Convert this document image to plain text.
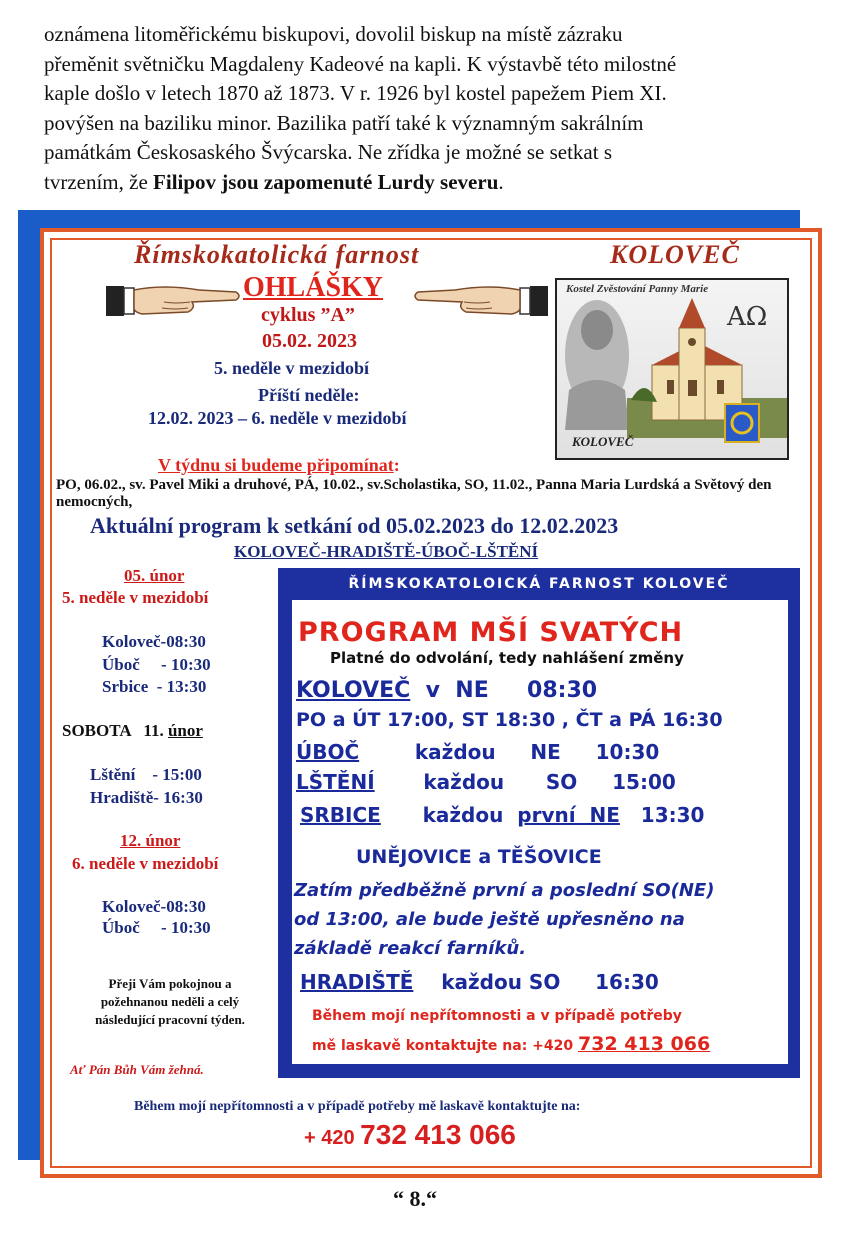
oznámena litoměřickému biskupovi, dovolil biskup na místě zázraku
přeměnit světničku Magdaleny Kadeové na kapli. K výstavbě této milostné
kaple došlo v letech 1870 až 1873. V r. 1926 byl kostel papežem Piem XI.
povýšen na baziliku minor. Bazilika patří také k významným sakrálním
památkám Českosaského Švýcarska. Ne zřídka je možné se setkat s
tvrzením, že Filipov jsou zapomenuté Lurdy severu.
Římskokatolická farnost	KOLOVEČ
OHLÁŠKY
cyklus ”A”
05.02. 2023
5. neděle v mezidobí
Příští neděle:
12.02. 2023 – 6. neděle v mezidobí
Kostel Zvěstování Panny Marie
AΩ
KOLOVEČ
V týdnu si budeme připomínat:
PO, 06.02., sv. Pavel Miki a druhové, PÁ, 10.02., sv.Scholastika, SO, 11.02., Panna Maria Lurdská a Světový den nemocných,
Aktuální program k setkání od 05.02.2023 do 12.02.2023
KOLOVEČ-HRADIŠTĚ-ÚBOČ-LŠTĚNÍ
05. únor
5. neděle v mezidobí
Koloveč-08:30
Úboč     - 10:30
Srbice  - 13:30
SOBOTA   11. únor
Lštění    - 15:00
Hradiště- 16:30
12. únor
6. neděle v mezidobí
Koloveč-08:30
Úboč     - 10:30
Přeji Vám pokojnou a
požehnanou neděli a celý
následující pracovní týden.
Ať Pán Bůh Vám žehná.
ŘÍMSKOKATOLOICKÁ FARNOST KOLOVEČ
PROGRAM MŠÍ SVATÝCH
Platné do odvolání, tedy nahlášení změny
KOLOVEČ  v  NE     08:30
PO a ÚT 17:00, ST 18:30 , ČT a PÁ 16:30
ÚBOČ        každou     NE     10:30
LŠTĚNÍ       každou      SO     15:00
SRBICE      každou  první  NE   13:30
UNĚJOVICE a TĚŠOVICE
Zatím předběžně první a poslední SO(NE)
od 13:00, ale bude ještě upřesněno na
základě reakcí farníků.
HRADIŠTĚ    každou SO     16:30
Během mojí nepřítomnosti a v případě potřeby
mě laskavě kontaktujte na: +420 732 413 066
Během mojí nepřítomnosti a v případě potřeby mě laskavě kontaktujte na:
+ 420 732 413 066
“ 8.“
